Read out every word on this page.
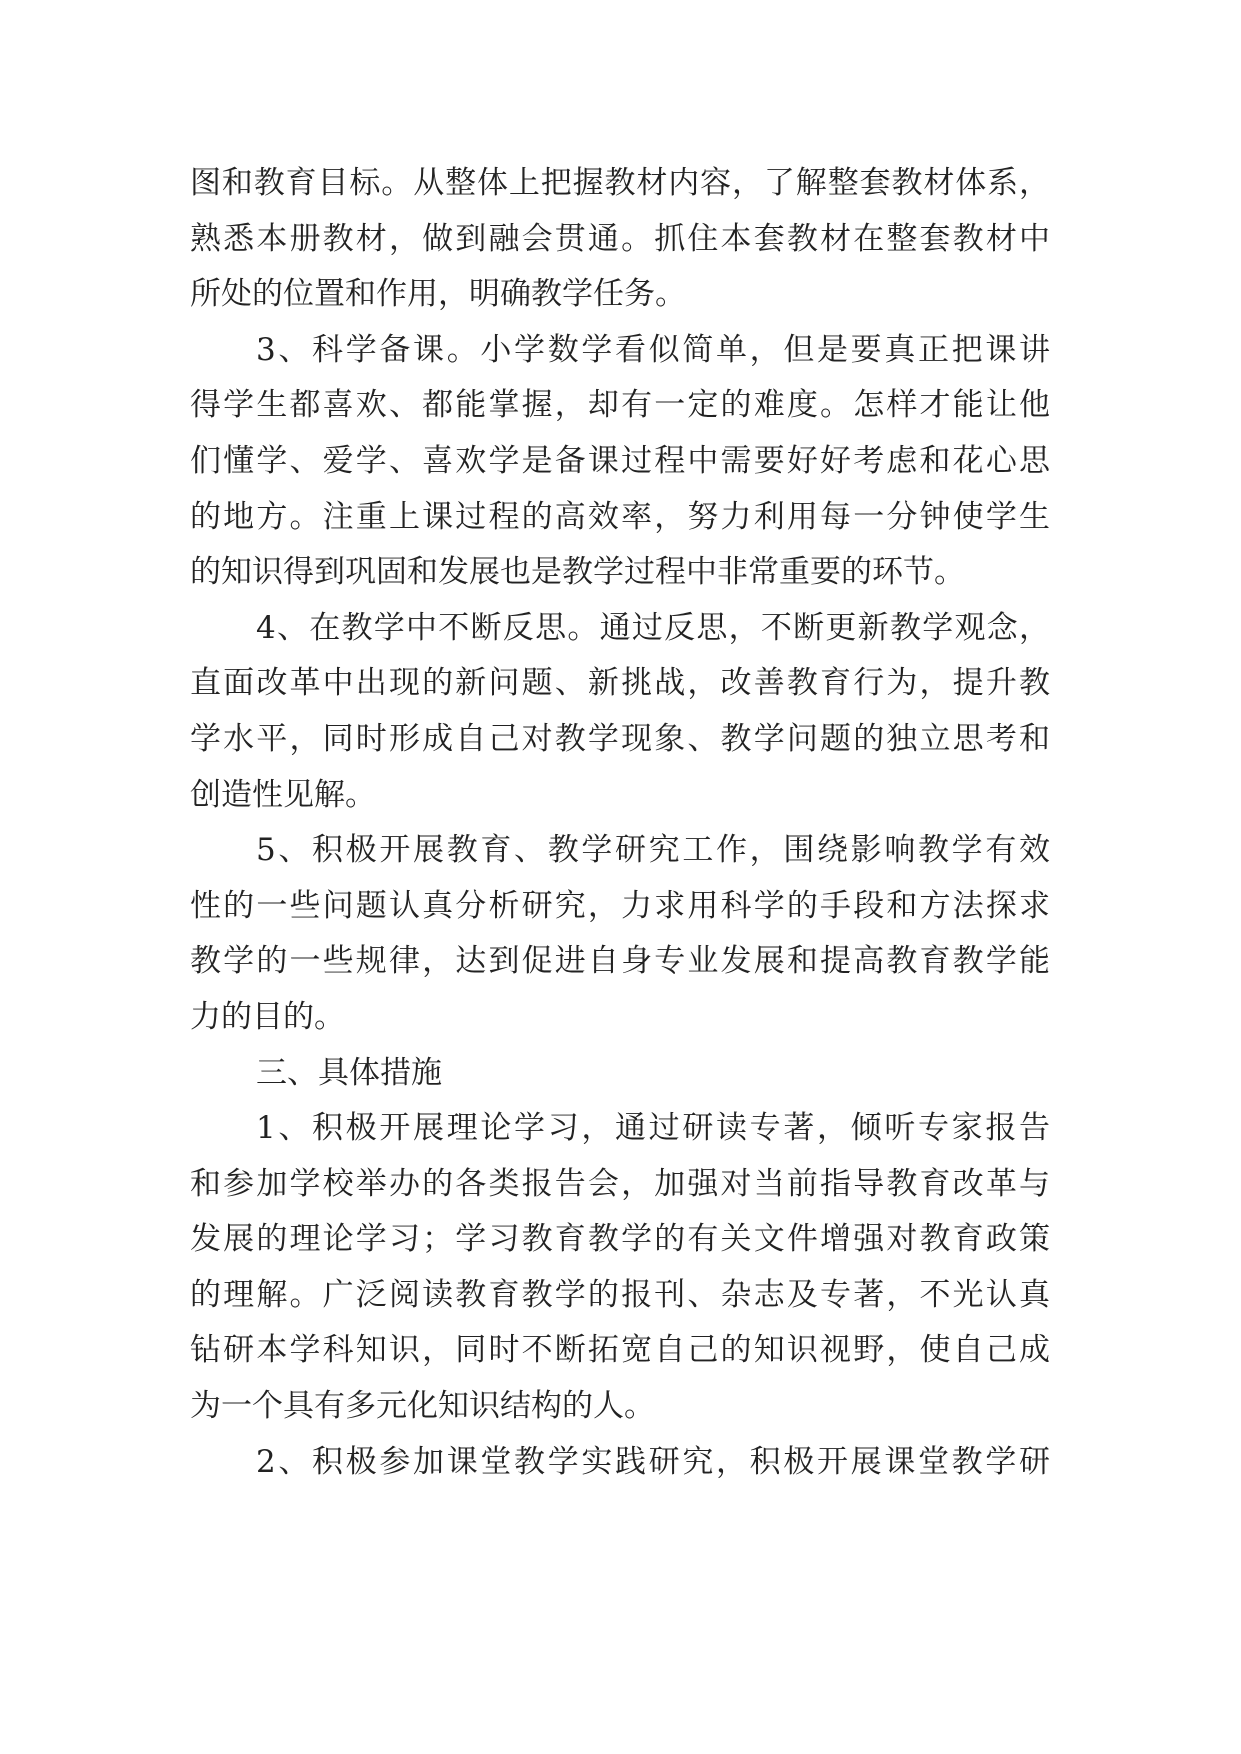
图和教育目标。从整体上把握教材内容，了解整套教材体系，
熟悉本册教材，做到融会贯通。抓住本套教材在整套教材中
所处的位置和作用，明确教学任务。
3、科学备课。小学数学看似简单，但是要真正把课讲
得学生都喜欢、都能掌握，却有一定的难度。怎样才能让他
们懂学、爱学、喜欢学是备课过程中需要好好考虑和花心思
的地方。注重上课过程的高效率，努力利用每一分钟使学生
的知识得到巩固和发展也是教学过程中非常重要的环节。
4、在教学中不断反思。通过反思，不断更新教学观念，
直面改革中出现的新问题、新挑战，改善教育行为，提升教
学水平，同时形成自己对教学现象、教学问题的独立思考和
创造性见解。
5、积极开展教育、教学研究工作，围绕影响教学有效
性的一些问题认真分析研究，力求用科学的手段和方法探求
教学的一些规律，达到促进自身专业发展和提高教育教学能
力的目的。
三、具体措施
1、积极开展理论学习，通过研读专著，倾听专家报告
和参加学校举办的各类报告会，加强对当前指导教育改革与
发展的理论学习；学习教育教学的有关文件增强对教育政策
的理解。广泛阅读教育教学的报刊、杂志及专著，不光认真
钻研本学科知识，同时不断拓宽自己的知识视野，使自己成
为一个具有多元化知识结构的人。
2、积极参加课堂教学实践研究，积极开展课堂教学研
